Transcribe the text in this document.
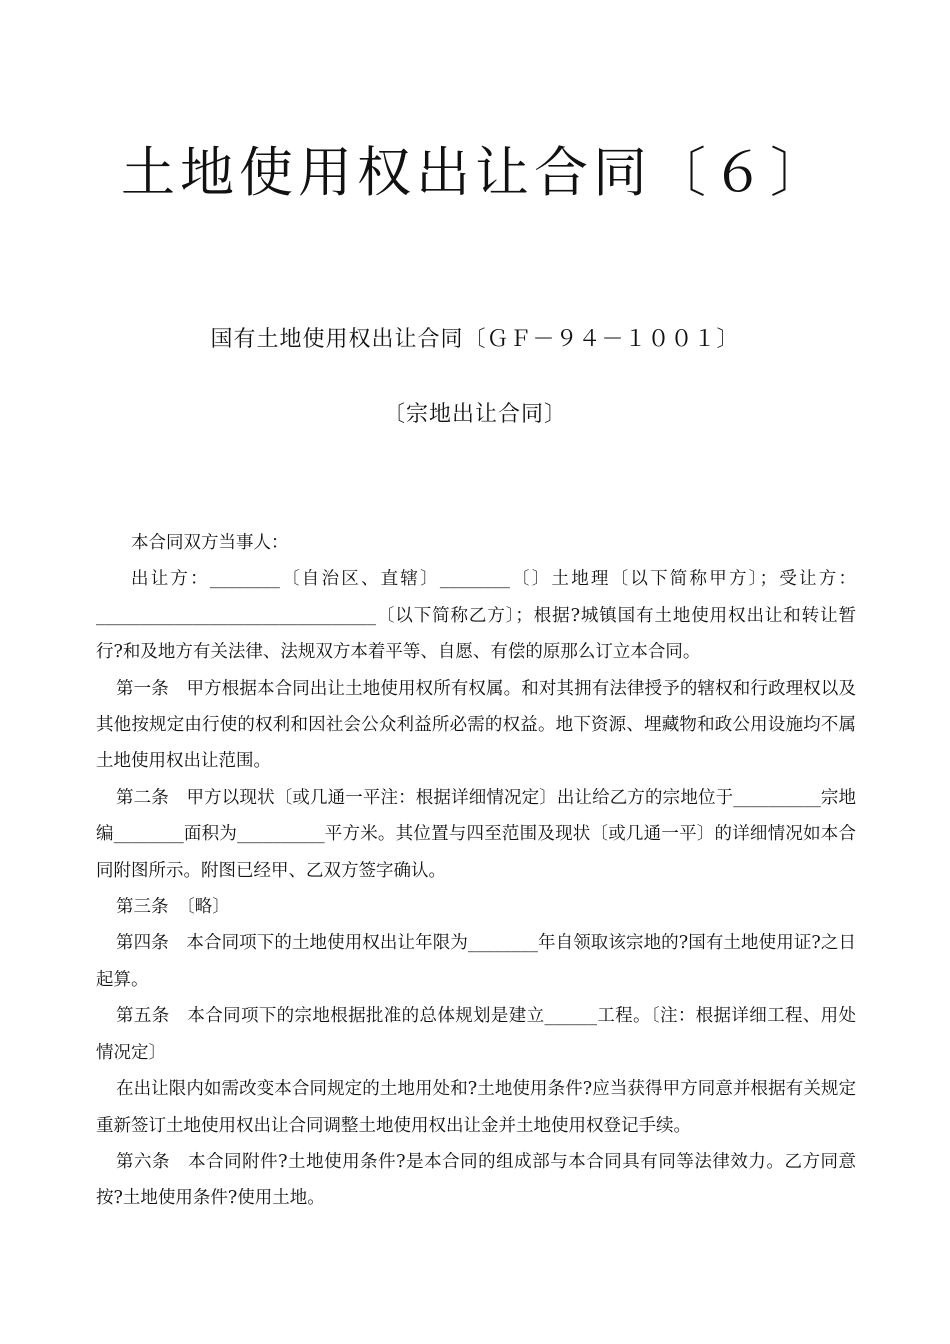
土地使用权出让合同〔６〕
国有土地使用权出让合同〔ＧＦ－９４－１００１〕
〔宗地出让合同〕

本合同双方当事人：

出让方：________〔自治区、直辖〕________〔〕土地理〔以下简称甲方〕；受让方：________________________________〔以下简称乙方〕；根据?城镇国有土地使用权出让和转让暂行?和及地方有关法律、法规双方本着平等、自愿、有偿的原那么订立本合同。

第一条　甲方根据本合同出让土地使用权所有权属。和对其拥有法律授予的辖权和行政理权以及其他按规定由行使的权利和因社会公众利益所必需的权益。地下资源、埋藏物和政公用设施均不属土地使用权出让范围。

第二条　甲方以现状〔或几通一平注：根据详细情况定〕出让给乙方的宗地位于__________宗地编________面积为__________平方米。其位置与四至范围及现状〔或几通一平〕的详细情况如本合同附图所示。附图已经甲、乙双方签字确认。

第三条　〔略〕

第四条　本合同项下的土地使用权出让年限为________年自领取该宗地的?国有土地使用证?之日起算。

第五条　本合同项下的宗地根据批准的总体规划是建立______工程。〔注：根据详细工程、用处情况定〕

在出让限内如需改变本合同规定的土地用处和?土地使用条件?应当获得甲方同意并根据有关规定重新签订土地使用权出让合同调整土地使用权出让金并土地使用权登记手续。

第六条　本合同附件?土地使用条件?是本合同的组成部与本合同具有同等法律效力。乙方同意按?土地使用条件?使用土地。
